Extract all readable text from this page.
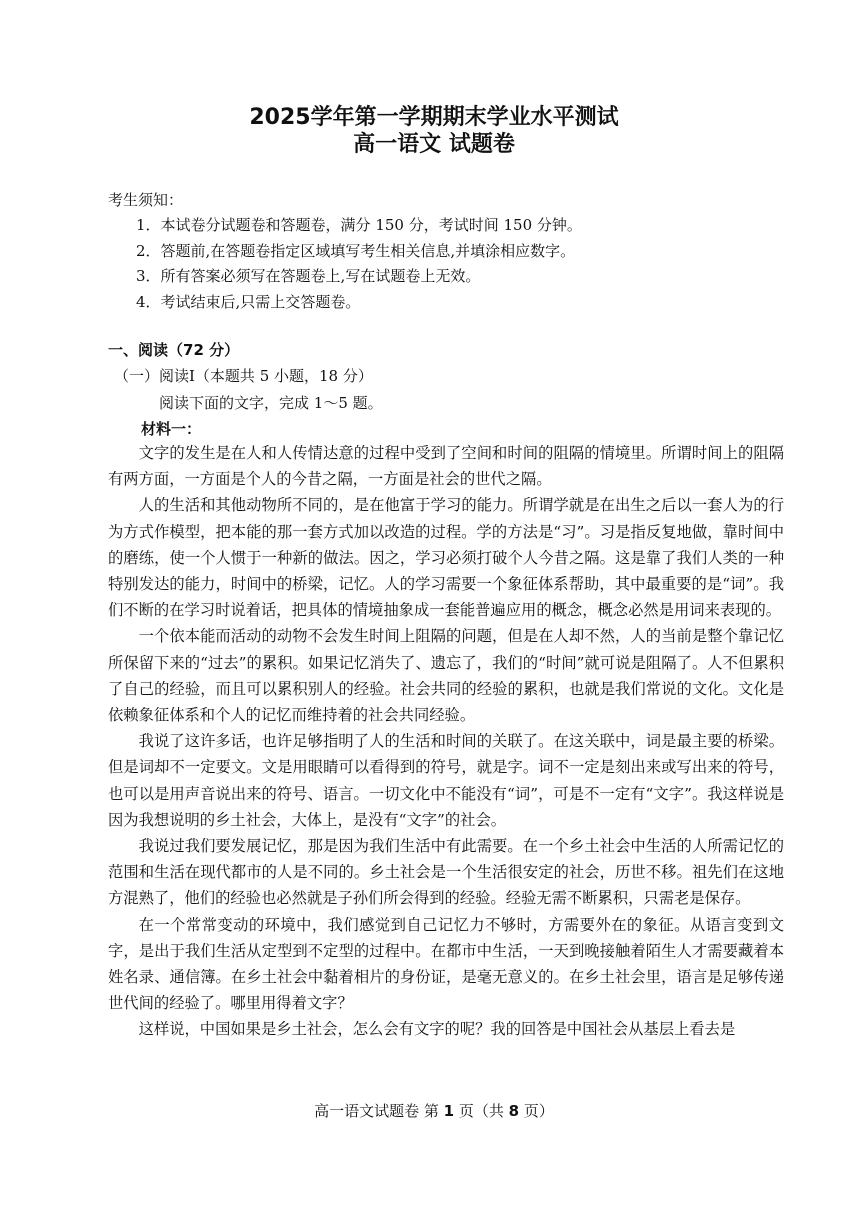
2025学年第一学期期末学业水平测试
高一语文 试题卷
考生须知：
1．本试卷分试题卷和答题卷，满分 150 分，考试时间 150 分钟。
2．答题前,在答题卷指定区域填写考生相关信息,并填涂相应数字。
3．所有答案必须写在答题卷上,写在试题卷上无效。
4．考试结束后,只需上交答题卷。
一、阅读（72 分）
（一）阅读Ⅰ（本题共 5 小题，18 分）
阅读下面的文字，完成 1～5 题。
材料一：

文字的发生是在人和人传情达意的过程中受到了空间和时间的阻隔的情境里。所谓时间上的阻隔有两方面，一方面是个人的今昔之隔，一方面是社会的世代之隔。

人的生活和其他动物所不同的，是在他富于学习的能力。所谓学就是在出生之后以一套人为的行为方式作模型，把本能的那一套方式加以改造的过程。学的方法是“习”。习是指反复地做，靠时间中的磨练，使一个人惯于一种新的做法。因之，学习必须打破个人今昔之隔。这是靠了我们人类的一种特别发达的能力，时间中的桥梁，记忆。人的学习需要一个象征体系帮助，其中最重要的是“词”。我们不断的在学习时说着话，把具体的情境抽象成一套能普遍应用的概念，概念必然是用词来表现的。

一个依本能而活动的动物不会发生时间上阻隔的问题，但是在人却不然，人的当前是整个靠记忆所保留下来的“过去”的累积。如果记忆消失了、遗忘了，我们的“时间”就可说是阻隔了。人不但累积了自己的经验，而且可以累积别人的经验。社会共同的经验的累积，也就是我们常说的文化。文化是依赖象征体系和个人的记忆而维持着的社会共同经验。

我说了这许多话，也许足够指明了人的生活和时间的关联了。在这关联中，词是最主要的桥梁。但是词却不一定要文。文是用眼睛可以看得到的符号，就是字。词不一定是刻出来或写出来的符号，也可以是用声音说出来的符号、语言。一切文化中不能没有“词”，可是不一定有“文字”。我这样说是因为我想说明的乡土社会，大体上，是没有“文字”的社会。

我说过我们要发展记忆，那是因为我们生活中有此需要。在一个乡土社会中生活的人所需记忆的范围和生活在现代都市的人是不同的。乡土社会是一个生活很安定的社会，历世不移。祖先们在这地方混熟了，他们的经验也必然就是子孙们所会得到的经验。经验无需不断累积，只需老是保存。

在一个常常变动的环境中，我们感觉到自己记忆力不够时，方需要外在的象征。从语言变到文字，是出于我们生活从定型到不定型的过程中。在都市中生活，一天到晚接触着陌生人才需要藏着本姓名录、通信簿。在乡土社会中黏着相片的身份证，是毫无意义的。在乡土社会里，语言是足够传递世代间的经验了。哪里用得着文字？

这样说，中国如果是乡土社会，怎么会有文字的呢？我的回答是中国社会从基层上看去是

高一语文试题卷 第 1 页（共 8 页）
